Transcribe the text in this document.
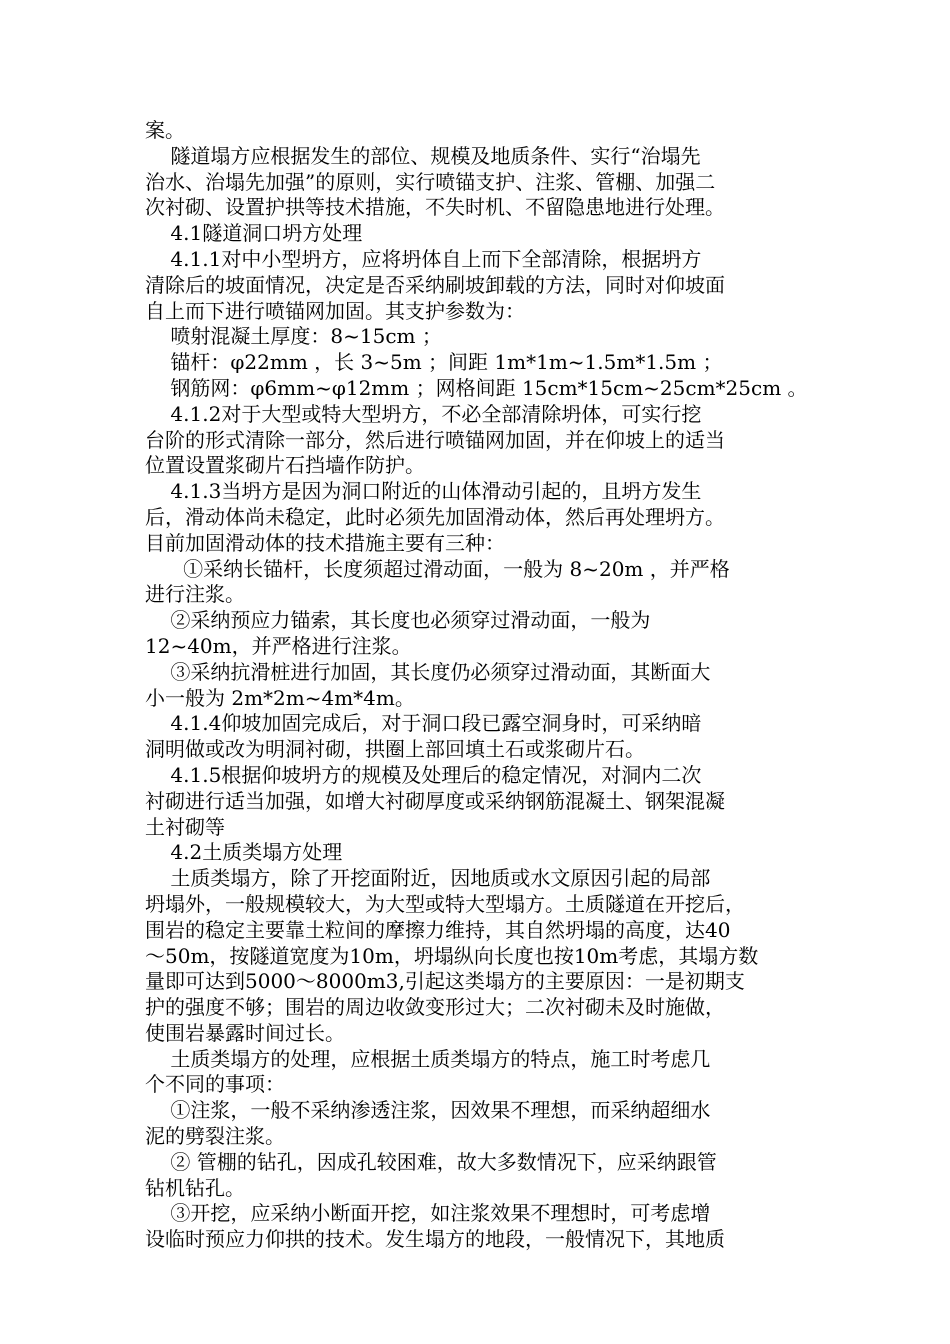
案。
隧道塌方应根据发生的部位、规模及地质条件、实行“治塌先
治水、治塌先加强”的原则，实行喷锚支护、注浆、管棚、加强二
次衬砌、设置护拱等技术措施，不失时机、不留隐患地进行处理。
4.1隧道洞口坍方处理
4.1.1对中小型坍方，应将坍体自上而下全部清除，根据坍方
清除后的坡面情况，决定是否采纳刷坡卸载的方法，同时对仰坡面
自上而下进行喷锚网加固。其支护参数为：
喷射混凝土厚度：8~15cm ；
锚杆：φ22mm ，长 3~5m ；间距 1m*1m~1.5m*1.5m ；
钢筋网：φ6mm~φ12mm ；网格间距 15cm*15cm~25cm*25cm 。
4.1.2对于大型或特大型坍方，不必全部清除坍体，可实行挖
台阶的形式清除一部分，然后进行喷锚网加固，并在仰坡上的适当
位置设置浆砌片石挡墙作防护。
4.1.3当坍方是因为洞口附近的山体滑动引起的，且坍方发生
后，滑动体尚未稳定，此时必须先加固滑动体，然后再处理坍方。
目前加固滑动体的技术措施主要有三种：
①采纳长锚杆，长度须超过滑动面，一般为 8~20m ，并严格
进行注浆。
②采纳预应力锚索，其长度也必须穿过滑动面，一般为
12~40m，并严格进行注浆。
③采纳抗滑桩进行加固，其长度仍必须穿过滑动面，其断面大
小一般为 2m*2m~4m*4m。
4.1.4仰坡加固完成后，对于洞口段已露空洞身时，可采纳暗
洞明做或改为明洞衬砌，拱圈上部回填土石或浆砌片石。
4.1.5根据仰坡坍方的规模及处理后的稳定情况，对洞内二次
衬砌进行适当加强，如增大衬砌厚度或采纳钢筋混凝土、钢架混凝
土衬砌等
4.2土质类塌方处理
土质类塌方，除了开挖面附近，因地质或水文原因引起的局部
坍塌外，一般规模较大，为大型或特大型塌方。土质隧道在开挖后，
围岩的稳定主要靠土粒间的摩擦力维持，其自然坍塌的高度，达40
～50m，按隧道宽度为10m，坍塌纵向长度也按10m考虑，其塌方数
量即可达到5000～8000m3,引起这类塌方的主要原因：一是初期支
护的强度不够；围岩的周边收敛变形过大；二次衬砌未及时施做，
使围岩暴露时间过长。
土质类塌方的处理，应根据土质类塌方的特点，施工时考虑几
个不同的事项：
①注浆，一般不采纳渗透注浆，因效果不理想，而采纳超细水
泥的劈裂注浆。
② 管棚的钻孔，因成孔较困难，故大多数情况下，应采纳跟管
钻机钻孔。
③开挖，应采纳小断面开挖，如注浆效果不理想时，可考虑增
设临时预应力仰拱的技术。发生塌方的地段，一般情况下，其地质
